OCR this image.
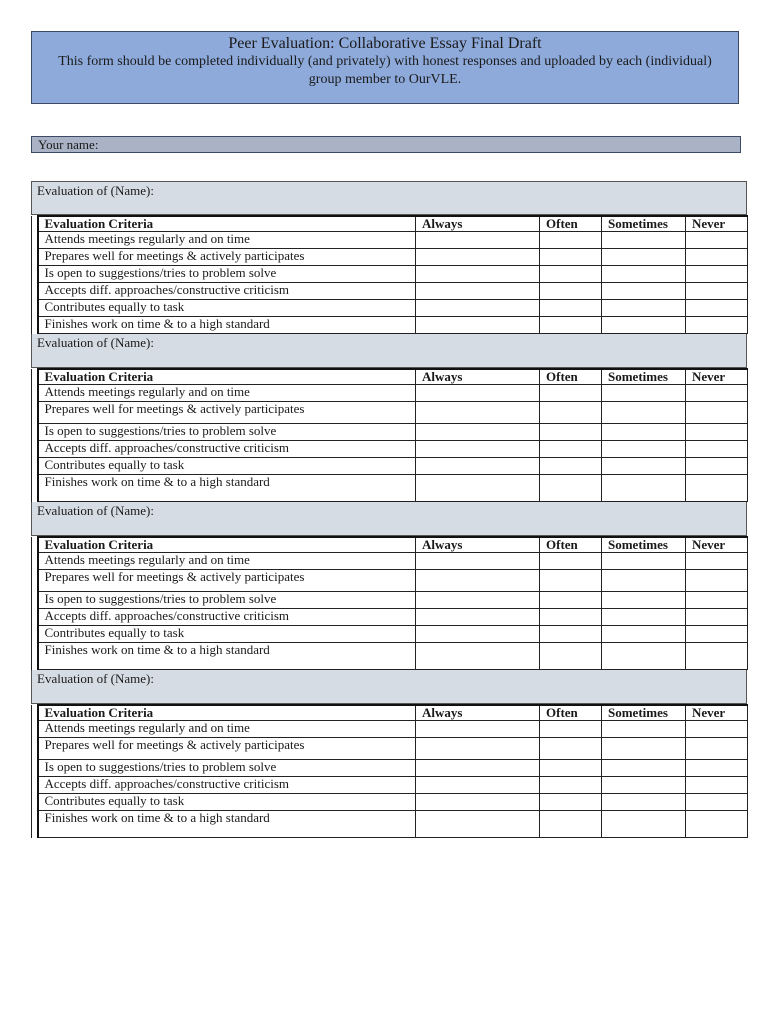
Peer Evaluation: Collaborative Essay Final Draft
This form should be completed individually (and privately) with honest responses and uploaded by each (individual) group member to OurVLE.
Your name:
Evaluation of (Name):
	Evaluation Criteria	Always	Often	Sometimes	Never
	Attends meetings regularly and on time				
	Prepares well for meetings & actively participates				
	Is open to suggestions/tries to problem solve				
	Accepts diff. approaches/constructive criticism				
	Contributes equally to task				
	Finishes work on time & to a high standard				
Evaluation of (Name):
	Evaluation Criteria	Always	Often	Sometimes	Never
	Attends meetings regularly and on time				
	Prepares well for meetings & actively participates				
	Is open to suggestions/tries to problem solve				
	Accepts diff. approaches/constructive criticism				
	Contributes equally to task				
	Finishes work on time & to a high standard				
Evaluation of (Name):
	Evaluation Criteria	Always	Often	Sometimes	Never
	Attends meetings regularly and on time				
	Prepares well for meetings & actively participates				
	Is open to suggestions/tries to problem solve				
	Accepts diff. approaches/constructive criticism				
	Contributes equally to task				
	Finishes work on time & to a high standard				
Evaluation of (Name):
	Evaluation Criteria	Always	Often	Sometimes	Never
	Attends meetings regularly and on time				
	Prepares well for meetings & actively participates				
	Is open to suggestions/tries to problem solve				
	Accepts diff. approaches/constructive criticism				
	Contributes equally to task				
	Finishes work on time & to a high standard				
